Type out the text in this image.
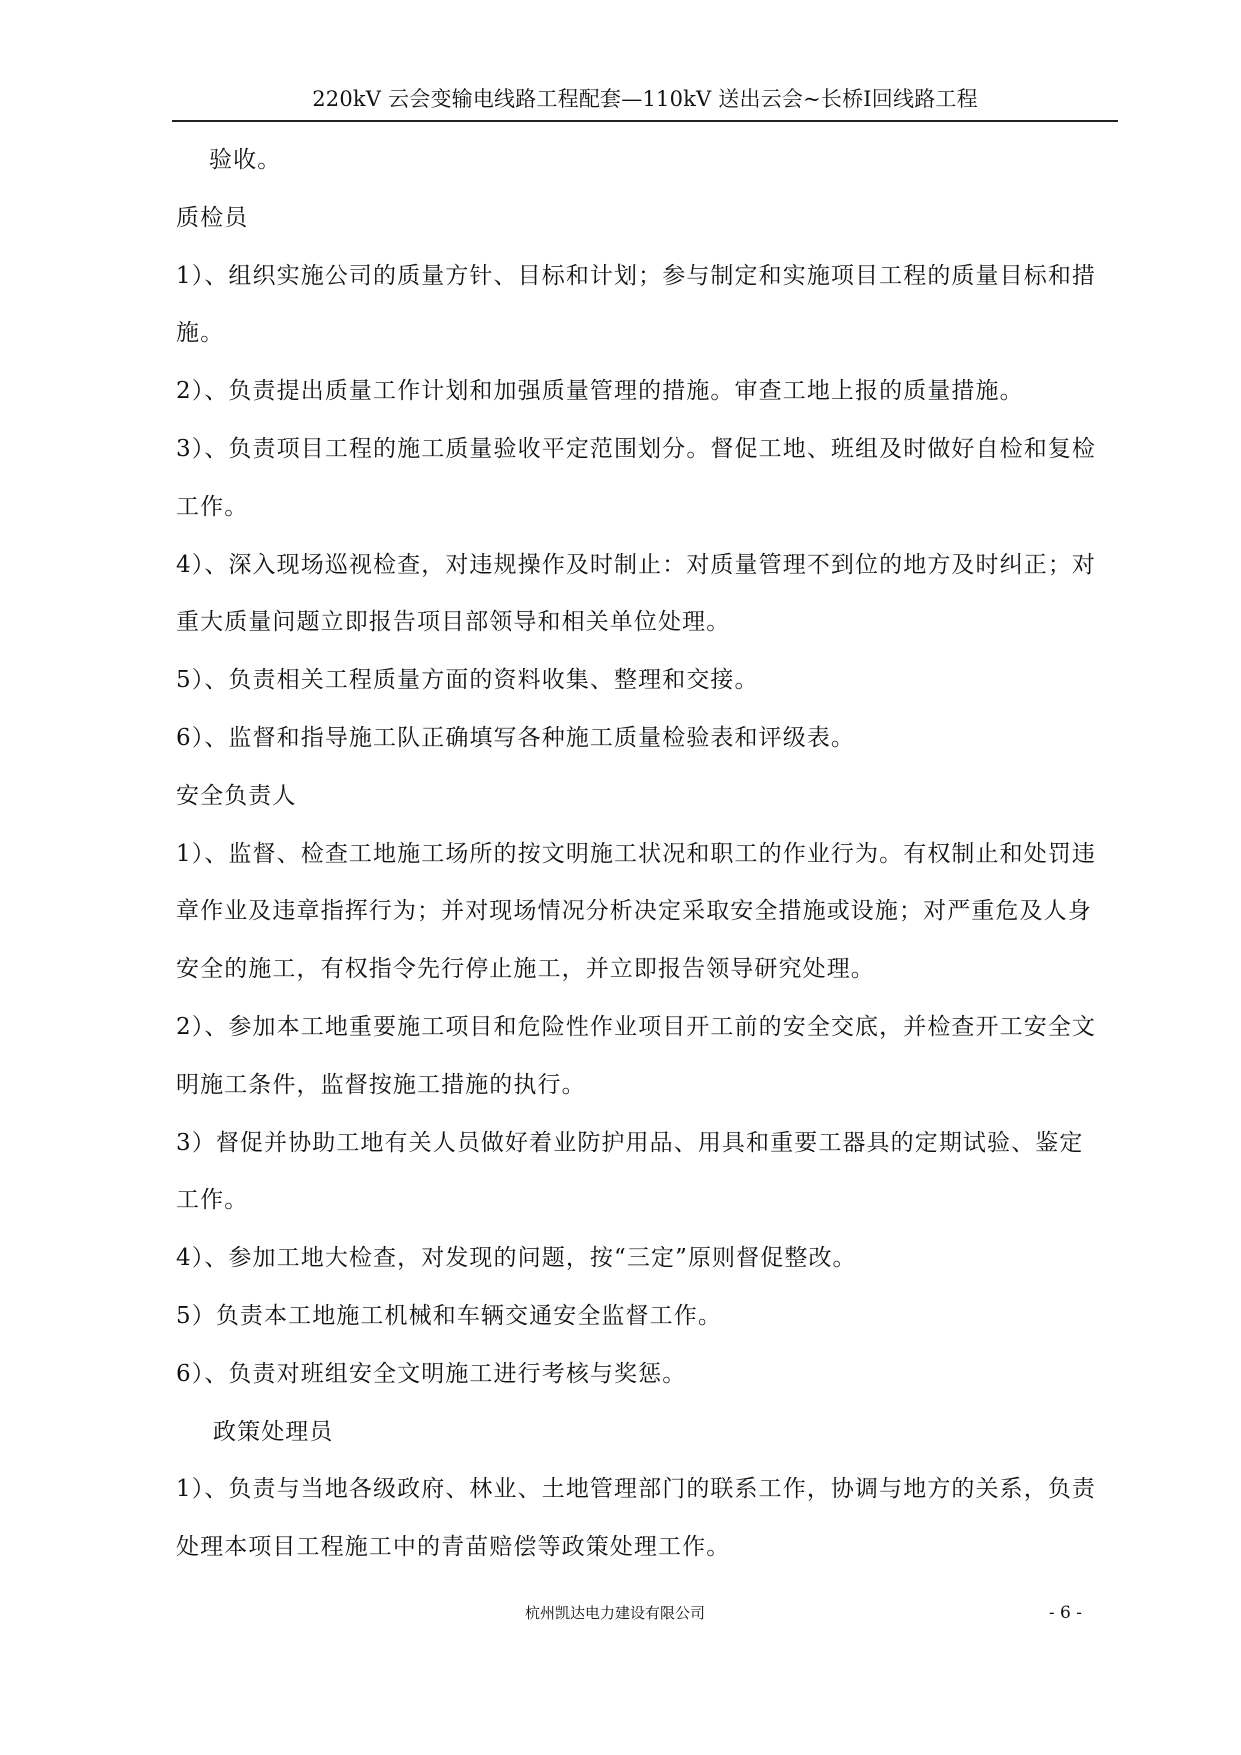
220kV 云会变输电线路工程配套—110kV 送出云会~长桥Ⅰ回线路工程
验收。
质检员
1）、组织实施公司的质量方针、目标和计划；参与制定和实施项目工程的质量目标和措
施。
2）、负责提出质量工作计划和加强质量管理的措施。审查工地上报的质量措施。
3）、负责项目工程的施工质量验收平定范围划分。督促工地、班组及时做好自检和复检
工作。
4）、深入现场巡视检查，对违规操作及时制止：对质量管理不到位的地方及时纠正；对
重大质量问题立即报告项目部领导和相关单位处理。
5）、负责相关工程质量方面的资料收集、整理和交接。
6）、监督和指导施工队正确填写各种施工质量检验表和评级表。
安全负责人
1）、监督、检查工地施工场所的按文明施工状况和职工的作业行为。有权制止和处罚违
章作业及违章指挥行为；并对现场情况分析决定采取安全措施或设施；对严重危及人身
安全的施工，有权指令先行停止施工，并立即报告领导研究处理。
2）、参加本工地重要施工项目和危险性作业项目开工前的安全交底，并检查开工安全文
明施工条件，监督按施工措施的执行。
3）督促并协助工地有关人员做好着业防护用品、用具和重要工器具的定期试验、鉴定
工作。
4）、参加工地大检查，对发现的问题，按“三定”原则督促整改。
5）负责本工地施工机械和车辆交通安全监督工作。
6）、负责对班组安全文明施工进行考核与奖惩。
政策处理员
1）、负责与当地各级政府、林业、土地管理部门的联系工作，协调与地方的关系，负责
处理本项目工程施工中的青苗赔偿等政策处理工作。
杭州凯达电力建设有限公司	- 6 -
